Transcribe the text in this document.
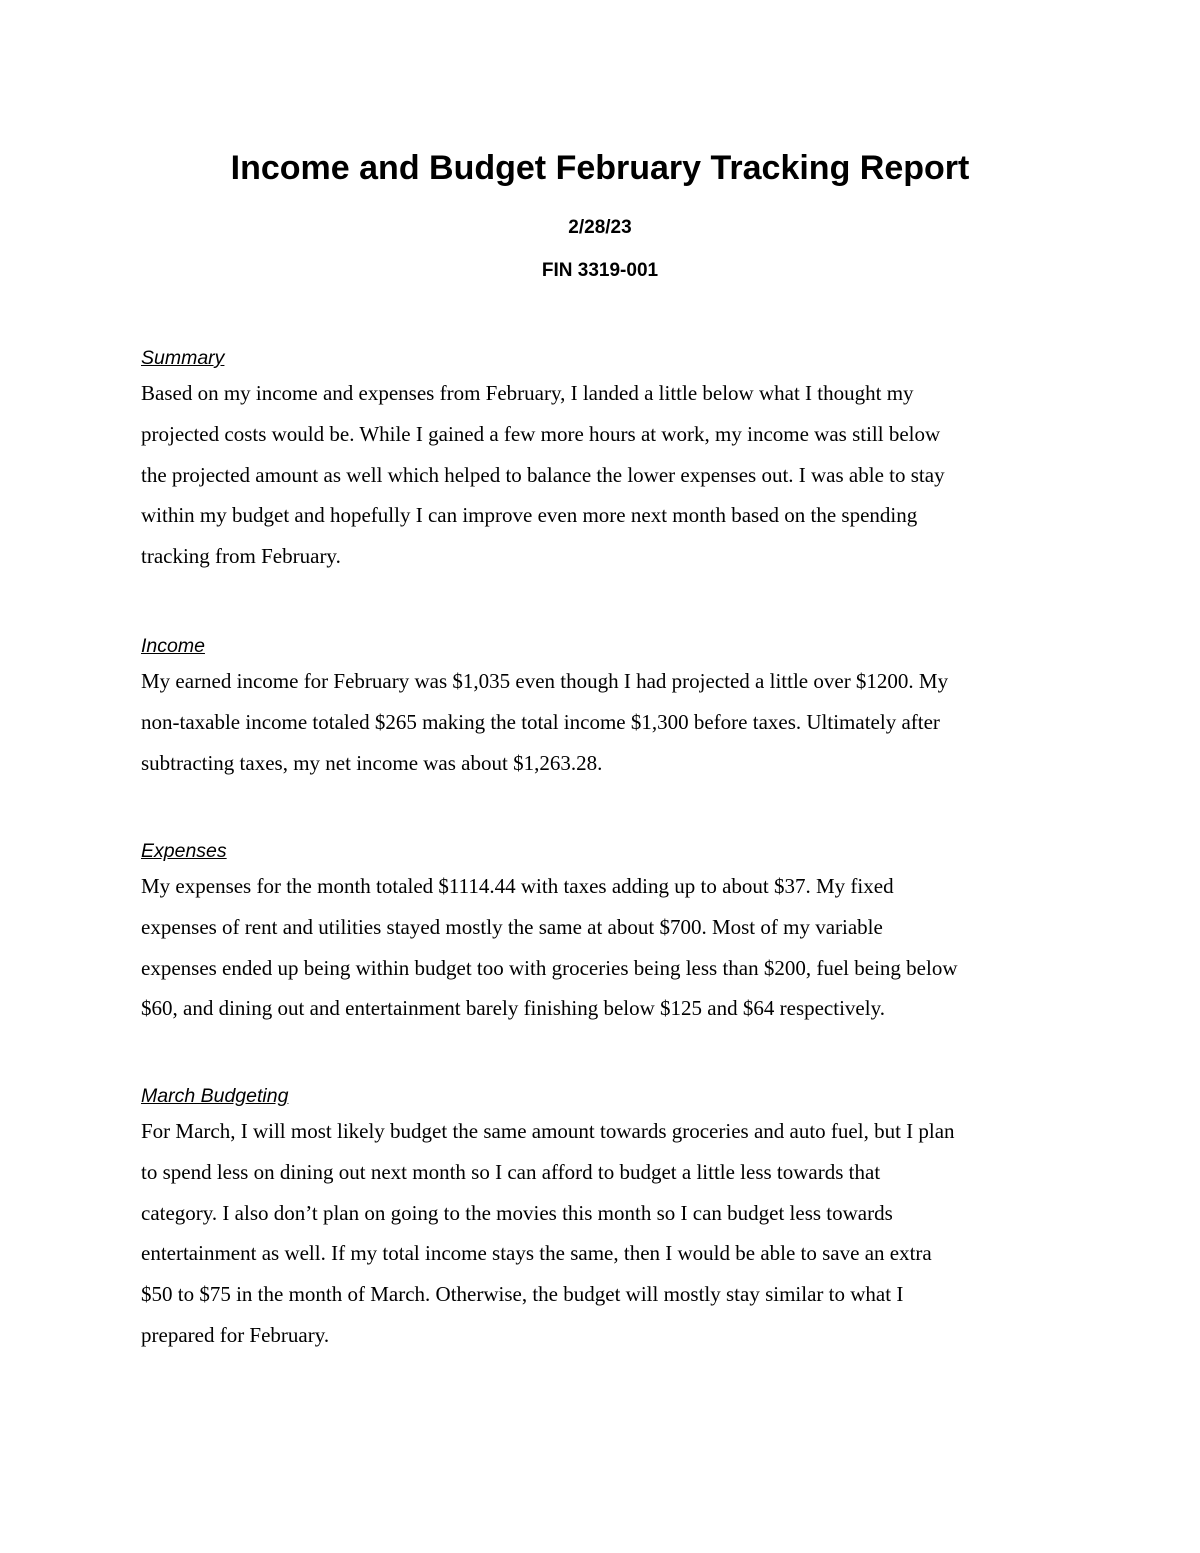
Income and Budget February Tracking Report

2/28/23

FIN 3319-001

Summary

Based on my income and expenses from February, I landed a little below what I thought my
projected costs would be. While I gained a few more hours at work, my income was still below
the projected amount as well which helped to balance the lower expenses out. I was able to stay
within my budget and hopefully I can improve even more next month based on the spending
tracking from February.

Income

My earned income for February was $1,035 even though I had projected a little over $1200. My
non-taxable income totaled $265 making the total income $1,300 before taxes. Ultimately after
subtracting taxes, my net income was about $1,263.28.

Expenses

My expenses for the month totaled $1114.44 with taxes adding up to about $37. My fixed
expenses of rent and utilities stayed mostly the same at about $700. Most of my variable
expenses ended up being within budget too with groceries being less than $200, fuel being below
$60, and dining out and entertainment barely finishing below $125 and $64 respectively.

March Budgeting

For March, I will most likely budget the same amount towards groceries and auto fuel, but I plan
to spend less on dining out next month so I can afford to budget a little less towards that
category. I also don’t plan on going to the movies this month so I can budget less towards
entertainment as well. If my total income stays the same, then I would be able to save an extra
$50 to $75 in the month of March. Otherwise, the budget will mostly stay similar to what I
prepared for February.
